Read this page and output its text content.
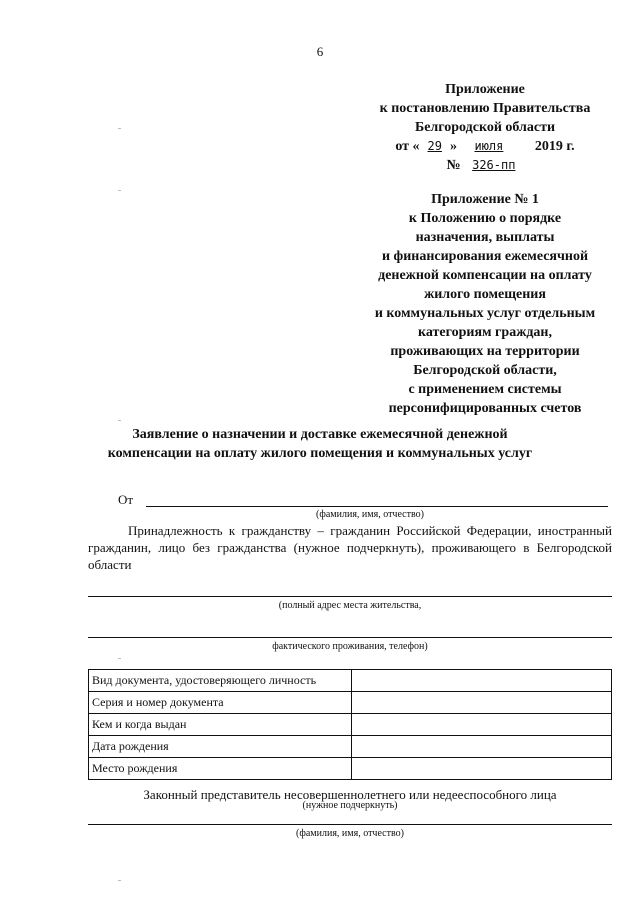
6
Приложение
к постановлению Правительства
Белгородской области
от « 29 » июля 2019 г.
№ 326-пп
Приложение № 1
к Положению о порядке
назначения, выплаты
и финансирования ежемесячной
денежной компенсации на оплату
жилого помещения
и коммунальных услуг отдельным
категориям граждан,
проживающих на территории
Белгородской области,
с применением системы
персонифицированных счетов
Заявление о назначении и доставке ежемесячной денежной
компенсации на оплату жилого помещения и коммунальных услуг
От
(фамилия, имя, отчество)
Принадлежность к гражданству – гражданин Российской Федерации, иностранный гражданин, лицо без гражданства (нужное подчеркнуть), проживающего в Белгородской области
(полный адрес места жительства,
фактического проживания, телефон)
Вид документа, удостоверяющего личность	
Серия и номер документа	
Кем и когда выдан	
Дата рождения	
Место рождения	
Законный представитель несовершеннолетнего или недееспособного лица
(нужное подчеркнуть)
(фамилия, имя, отчество)
